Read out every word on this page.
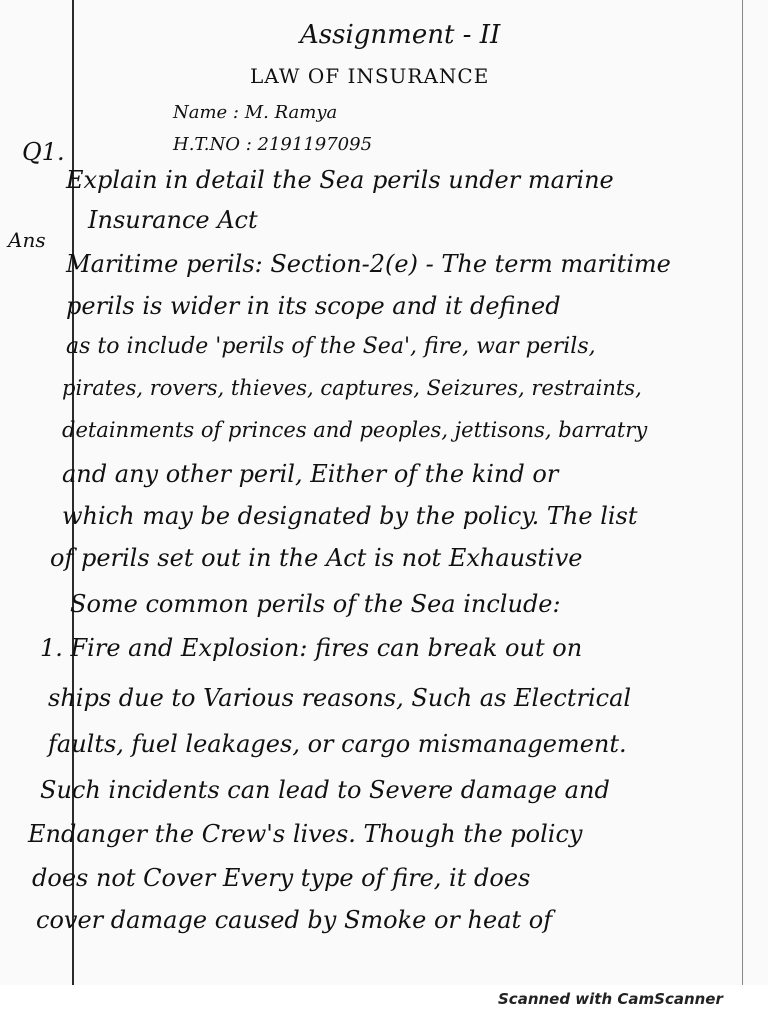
Assignment - II
LAW OF INSURANCE
Name : M. Ramya
H.T.NO : 2191197095
Q1.
Ans
Explain in detail the Sea perils under marine
Insurance Act
Maritime perils: Section-2(e) - The term maritime
perils is wider in its scope and it defined
as to include 'perils of the Sea', fire, war perils,
pirates, rovers, thieves, captures, Seizures, restraints,
detainments of princes and peoples, jettisons, barratry
and any other peril, Either of the kind or
which may be designated by the policy. The list
of perils set out in the Act is not Exhaustive
Some common perils of the Sea include:
1. Fire and Explosion: fires can break out on
ships due to Various reasons, Such as Electrical
faults, fuel leakages, or cargo mismanagement.
Such incidents can lead to Severe damage and
Endanger the Crew's lives. Though the policy
does not Cover Every type of fire, it does
cover damage caused by Smoke or heat of
Scanned with CamScanner
